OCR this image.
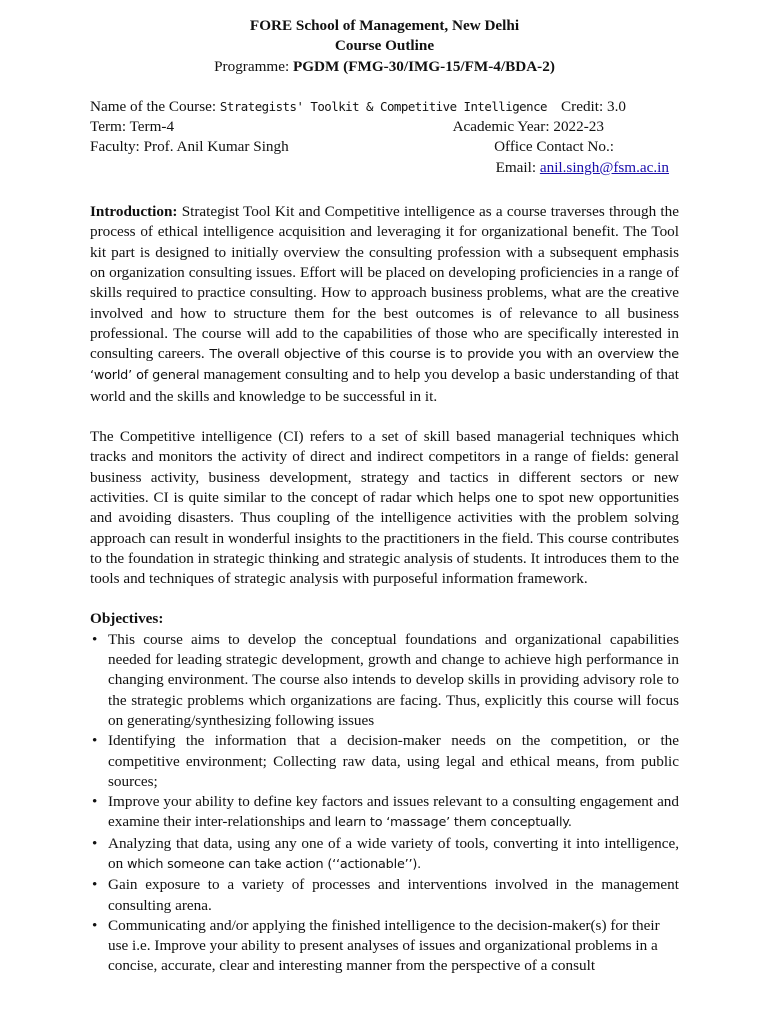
FORE School of Management, New Delhi
Course Outline
Programme: PGDM (FMG-30/IMG-15/FM-4/BDA-2)
Name of the Course: Strategists' Toolkit & Competitive Intelligence Credit: 3.0
Term: Term-4	Academic Year: 2022-23
Faculty: Prof. Anil Kumar Singh	Office Contact No.:
Email: anil.singh@fsm.ac.in

Introduction: Strategist Tool Kit and Competitive intelligence as a course traverses through the process of ethical intelligence acquisition and leveraging it for organizational benefit. The Tool kit part is designed to initially overview the consulting profession with a subsequent emphasis on organization consulting issues. Effort will be placed on developing proficiencies in a range of skills required to practice consulting. How to approach business problems, what are the creative involved and how to structure them for the best outcomes is of relevance to all business professional. The course will add to the capabilities of those who are specifically interested in consulting careers. The overall objective of this course is to provide you with an overview the ‘world’ of general management consulting and to help you develop a basic understanding of that world and the skills and knowledge to be successful in it.

The Competitive intelligence (CI) refers to a set of skill based managerial techniques which tracks and monitors the activity of direct and indirect competitors in a range of fields: general business activity, business development, strategy and tactics in different sectors or new activities. CI is quite similar to the concept of radar which helps one to spot new opportunities and avoiding disasters. Thus coupling of the intelligence activities with the problem solving approach can result in wonderful insights to the practitioners in the field. This course contributes to the foundation in strategic thinking and strategic analysis of students. It introduces them to the tools and techniques of strategic analysis with purposeful information framework.

Objectives:
• This course aims to develop the conceptual foundations and organizational capabilities needed for leading strategic development, growth and change to achieve high performance in changing environment. The course also intends to develop skills in providing advisory role to the strategic problems which organizations are facing. Thus, explicitly this course will focus on generating/synthesizing following issues
• Identifying the information that a decision-maker needs on the competition, or the competitive environment; Collecting raw data, using legal and ethical means, from public sources;
• Improve your ability to define key factors and issues relevant to a consulting engagement and examine their inter-relationships and learn to ‘massage’ them conceptually.
• Analyzing that data, using any one of a wide variety of tools, converting it into intelligence, on which someone can take action (‘‘actionable’’).
• Gain exposure to a variety of processes and interventions involved in the management consulting arena.
• Communicating and/or applying the finished intelligence to the decision-maker(s) for their use i.e. Improve your ability to present analyses of issues and organizational problems in a concise, accurate, clear and interesting manner from the perspective of a consult
